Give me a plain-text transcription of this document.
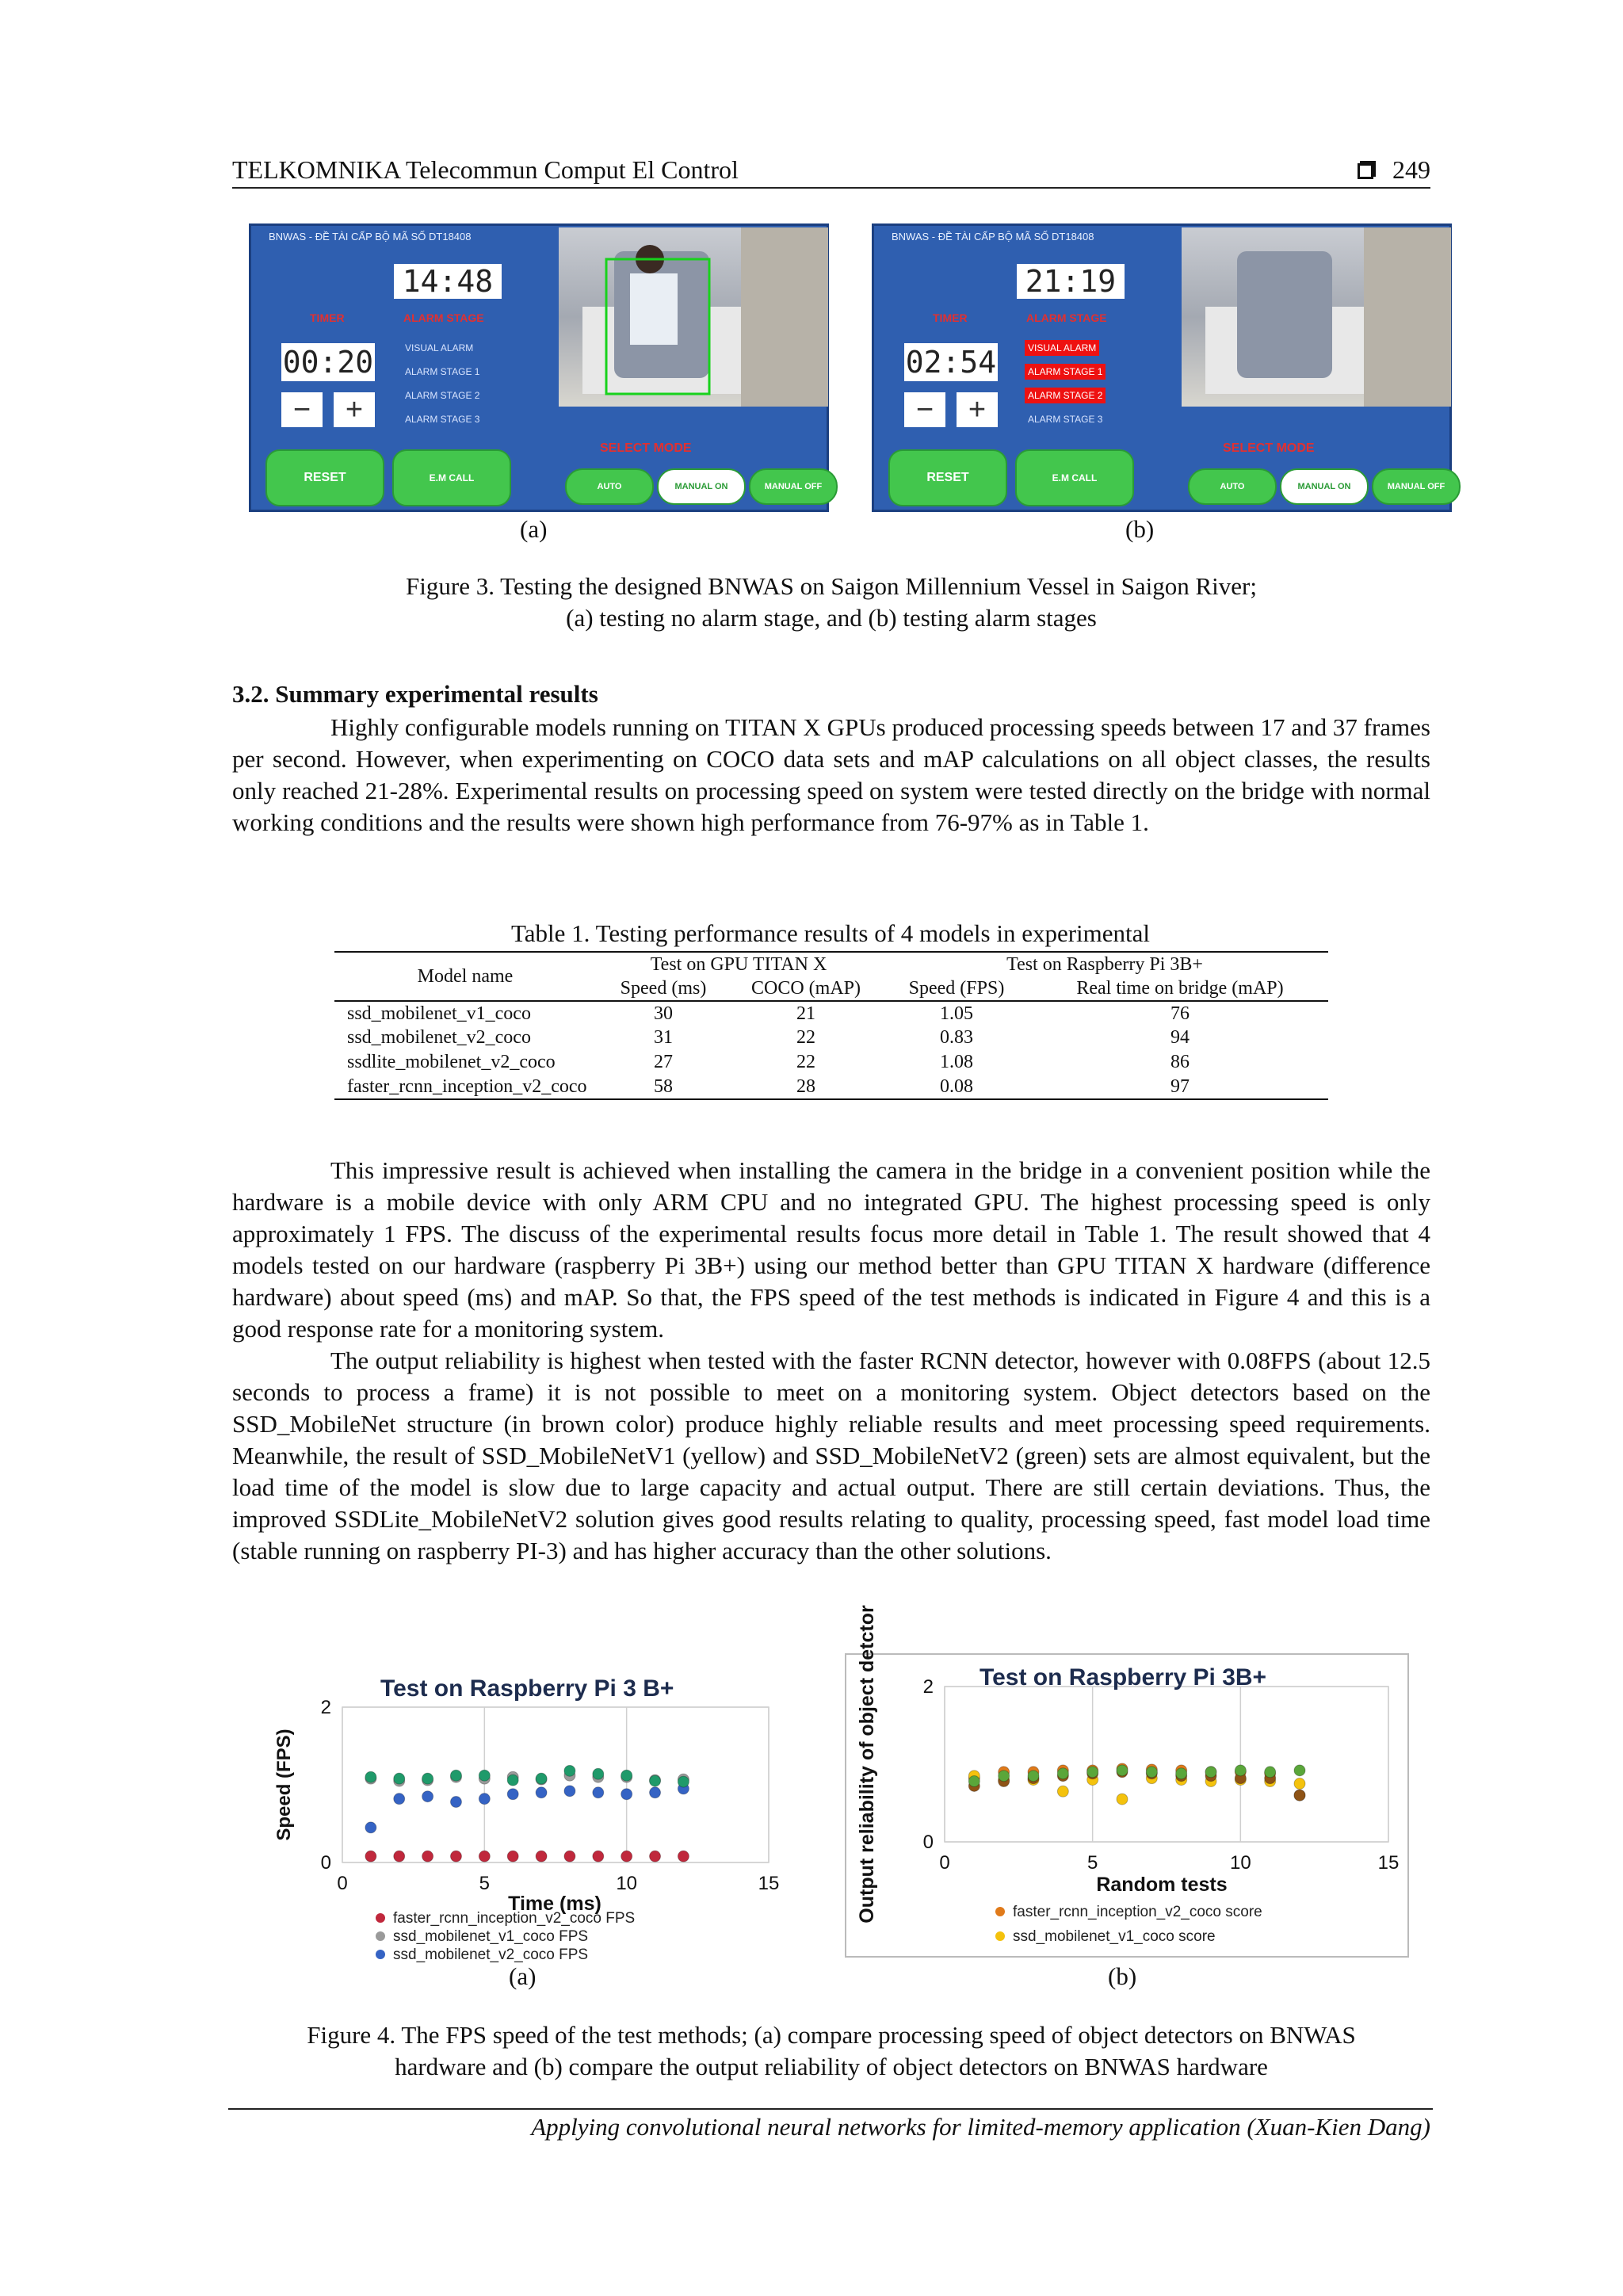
TELKOMNIKA Telecommun Comput El Control	249
BNWAS - ĐỀ TÀI CẤP BỘ MÃ SỐ DT18408
14:48
TIMER	ALARM STAGE
00:20
−	+
VISUAL ALARM
ALARM STAGE 1
ALARM STAGE 2
ALARM STAGE 3
SELECT MODE
RESET	E.M CALL
AUTO	MANUAL ON	MANUAL OFF
BNWAS - ĐỀ TÀI CẤP BỘ MÃ SỐ DT18408
21:19
TIMER	ALARM STAGE
02:54
−	+
VISUAL ALARM
ALARM STAGE 1
ALARM STAGE 2
ALARM STAGE 3
SELECT MODE
RESET	E.M CALL
AUTO	MANUAL ON	MANUAL OFF
(a)	(b)
Figure 3. Testing the designed BNWAS on Saigon Millennium Vessel in Saigon River;
(a) testing no alarm stage, and (b) testing alarm stages
3.2. Summary experimental results

Highly configurable models running on TITAN X GPUs produced processing speeds between 17 and 37 frames per second. However, when experimenting on COCO data sets and mAP calculations on all object classes, the results only reached 21-28%. Experimental results on processing speed on system were tested directly on the bridge with normal working conditions and the results were shown high performance from 76-97% as in Table 1.

Table 1. Testing performance results of 4 models in experimental
Model name	Test on GPU TITAN X		Test on Raspberry Pi 3B+	
	Speed (ms)	COCO (mAP)	Speed (FPS)	Real time on bridge (mAP)
ssd_mobilenet_v1_coco	30	21	1.05	76
ssd_mobilenet_v2_coco	31	22	0.83	94
ssdlite_mobilenet_v2_coco	27	22	1.08	86
faster_rcnn_inception_v2_coco	58	28	0.08	97

This impressive result is achieved when installing the camera in the bridge in a convenient position while the hardware is a mobile device with only ARM CPU and no integrated GPU. The highest processing speed is only approximately 1 FPS. The discuss of the experimental results focus more detail in Table 1. The result showed that 4 models tested on our hardware (raspberry Pi 3B+) using our method better than GPU TITAN X hardware (difference hardware) about speed (ms) and mAP. So that, the FPS speed of the test methods is indicated in Figure 4 and this is a good response rate for a monitoring system.

The output reliability is highest when tested with the faster RCNN detector, however with 0.08FPS (about 12.5 seconds to process a frame) it is not possible to meet on a monitoring system. Object detectors based on the SSD_MobileNet structure (in brown color) produce highly reliable results and meet processing speed requirements. Meanwhile, the result of SSD_MobileNetV1 (yellow) and SSD_MobileNetV2 (green) sets are almost equivalent, but the load time of the model is slow due to large capacity and actual output. There are still certain deviations. Thus, the improved SSDLite_MobileNetV2 solution gives good results relating to quality, processing speed, fast model load time (stable running on raspberry PI-3) and has higher accuracy than the other solutions.

0	5	10	15
0
2
Test on Raspberry Pi 3 B+
Time (ms)
Speed (FPS)
faster_rcnn_inception_v2_coco FPS
ssd_mobilenet_v1_coco FPS
ssd_mobilenet_v2_coco FPS
0	5	10	15
0
2 Test on Raspberry Pi 3B+
Random tests
Output reliability of object detctor	faster_rcnn_inception_v2_coco score
ssd_mobilenet_v1_coco score
(a)	(b)
Figure 4. The FPS speed of the test methods; (a) compare processing speed of object detectors on BNWAS
hardware and (b) compare the output reliability of object detectors on BNWAS hardware
Applying convolutional neural networks for limited-memory application (Xuan-Kien Dang)
